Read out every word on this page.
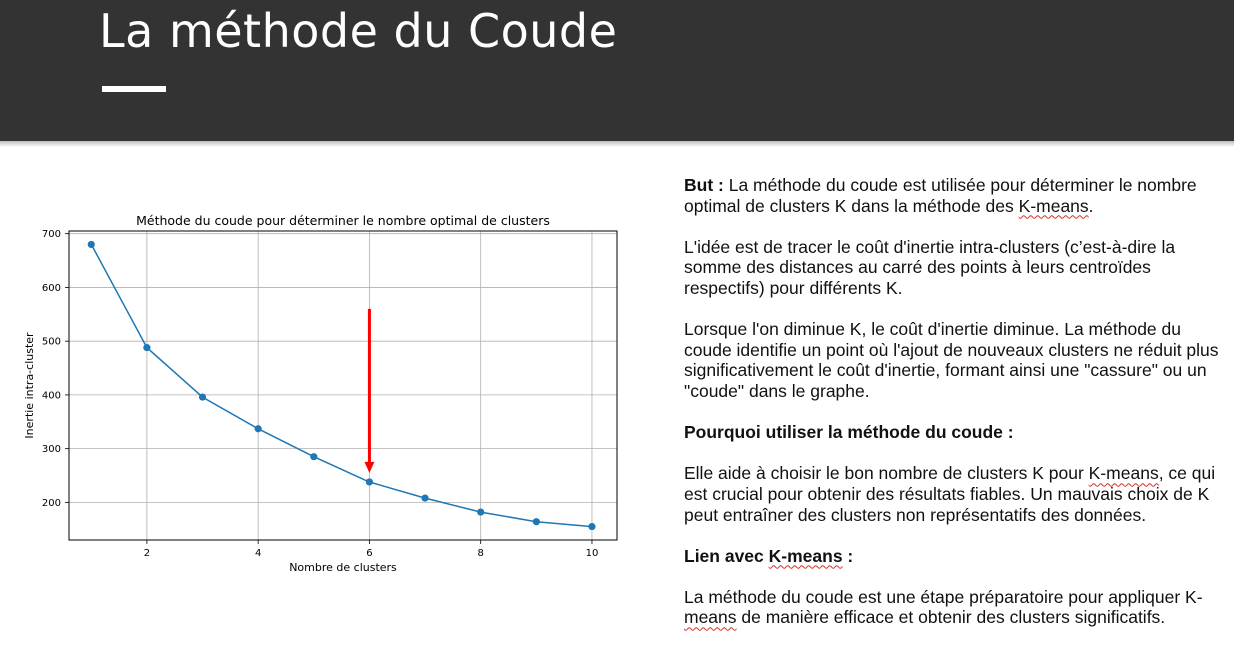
La méthode du Coude
2	4	6	8	10
200
300
400
500
600
700
Méthode du coude pour déterminer le nombre optimal de clusters
Nombre de clusters
Inertie intra-cluster

But : La méthode du coude est utilisée pour déterminer le nombre optimal de clusters K dans la méthode des K-means.

L'idée est de tracer le coût d'inertie intra-clusters (c’est-à-dire la somme des distances au carré des points à leurs centroïdes respectifs) pour différents K.

Lorsque l'on diminue K, le coût d'inertie diminue. La méthode du coude identifie un point où l'ajout de nouveaux clusters ne réduit plus significativement le coût d'inertie, formant ainsi une "cassure" ou un "coude" dans le graphe.

Pourquoi utiliser la méthode du coude :

Elle aide à choisir le bon nombre de clusters K pour K-means, ce qui est crucial pour obtenir des résultats fiables. Un mauvais choix de K peut entraîner des clusters non représentatifs des données.

Lien avec K-means :

La méthode du coude est une étape préparatoire pour appliquer K-means de manière efficace et obtenir des clusters significatifs.
